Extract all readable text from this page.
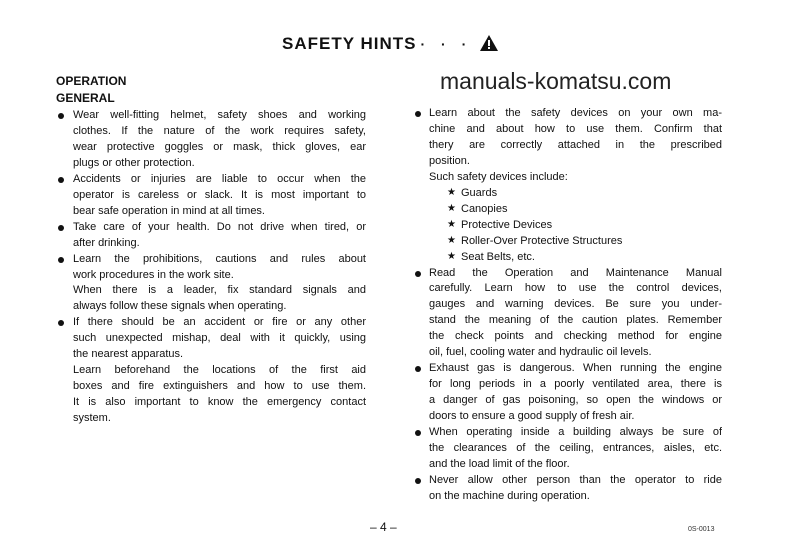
SAFETY HINTS · · ·
OPERATION
GENERAL
Wear well-fitting helmet, safety shoes and working
clothes. If the nature of the work requires safety,
wear protective goggles or mask, thick gloves, ear
plugs or other protection.
Accidents or injuries are liable to occur when the
operator is careless or slack. It is most important to
bear safe operation in mind at all times.
Take care of your health. Do not drive when tired, or
after drinking.
Learn the prohibitions, cautions and rules about
work procedures in the work site.
When there is a leader, fix standard signals and
always follow these signals when operating.
If there should be an accident or fire or any other
such unexpected mishap, deal with it quickly, using
the nearest apparatus.
Learn beforehand the locations of the first aid
boxes and fire extinguishers and how to use them.
It is also important to know the emergency contact
system.
Learn about the safety devices on your own ma-
chine and about how to use them. Confirm that
thery are correctly attached in the prescribed
position.
Such safety devices include:
★ Guards
★ Canopies
★ Protective Devices
★ Roller-Over Protective Structures
★ Seat Belts, etc.
Read the Operation and Maintenance Manual
carefully. Learn how to use the control devices,
gauges and warning devices. Be sure you under-
stand the meaning of the caution plates. Remember
the check points and checking method for engine
oil, fuel, cooling water and hydraulic oil levels.
Exhaust gas is dangerous. When running the engine
for long periods in a poorly ventilated area, there is
a danger of gas poisoning, so open the windows or
doors to ensure a good supply of fresh air.
When operating inside a building always be sure of
the clearances of the ceiling, entrances, aisles, etc.
and the load limit of the floor.
Never allow other person than the operator to ride
on the machine during operation.
manuals-komatsu.com
– 4 –	0S-0013
